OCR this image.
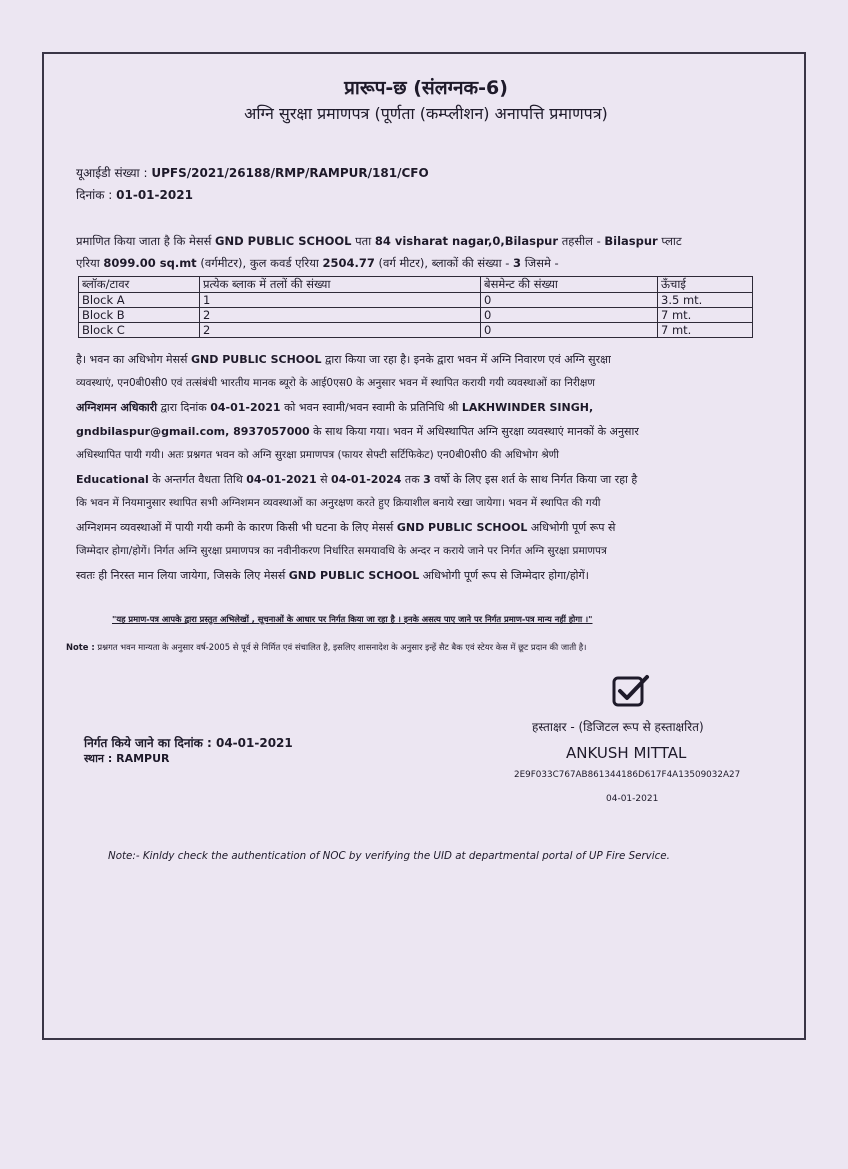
प्रारूप-छ (संलग्नक-6)
अग्नि सुरक्षा प्रमाणपत्र (पूर्णता (कम्प्लीशन) अनापत्ति प्रमाणपत्र)
यूआईडी संख्या : UPFS/2021/26188/RMP/RAMPUR/181/CFO
दिनांक : 01-01-2021
प्रमाणित किया जाता है कि मेसर्स GND PUBLIC SCHOOL पता 84 visharat nagar,0,Bilaspur तहसील - Bilaspur प्लाट
एरिया 8099.00 sq.mt (वर्गमीटर), कुल कवर्ड एरिया 2504.77 (वर्ग मीटर), ब्लाकों की संख्या - 3 जिसमे -
ब्लॉक/टावर	प्रत्येक ब्लाक में तलों की संख्या	बेसमेन्ट की संख्या	ऊँचाई
Block A	1	0	3.5 mt.
Block B	2	0	7 mt.
Block C	2	0	7 mt.
है। भवन का अधिभोग मेसर्स GND PUBLIC SCHOOL द्वारा किया जा रहा है। इनके द्वारा भवन में अग्नि निवारण एवं अग्नि सुरक्षा
व्यवस्थाएं, एन0बी0सी0 एवं तत्संबंधी भारतीय मानक ब्यूरो के आई0एस0 के अनुसार भवन में स्थापित करायी गयी व्यवस्थाओं का निरीक्षण
अग्निशमन अधिकारी द्वारा दिनांक 04-01-2021 को भवन स्वामी/भवन स्वामी के प्रतिनिधि श्री LAKHWINDER SINGH,
gndbilaspur@gmail.com, 8937057000 के साथ किया गया। भवन में अधिस्थापित अग्नि सुरक्षा व्यवस्थाएं मानकों के अनुसार
अधिस्थापित पायी गयी। अतः प्रश्नगत भवन को अग्नि सुरक्षा प्रमाणपत्र (फायर सेफ्टी सर्टिफिकेट) एन0बी0सी0 की अधिभोग श्रेणी
Educational के अन्तर्गत वैधता तिथि 04-01-2021 से 04-01-2024 तक 3 वर्षो के लिए इस शर्त के साथ निर्गत किया जा रहा है
कि भवन में नियमानुसार स्थापित सभी अग्निशमन व्यवस्थाओं का अनुरक्षण करते हुए क्रियाशील बनाये रखा जायेगा। भवन में स्थापित की गयी
अग्निशमन व्यवस्थाओं में पायी गयी कमी के कारण किसी भी घटना के लिए मेसर्स GND PUBLIC SCHOOL अधिभोगी पूर्ण रूप से
जिम्मेदार होगा/होगें। निर्गत अग्नि सुरक्षा प्रमाणपत्र का नवीनीकरण निर्धारित समयावधि के अन्दर न कराये जाने पर निर्गत अग्नि सुरक्षा प्रमाणपत्र
स्वतः ही निरस्त मान लिया जायेगा, जिसके लिए मेसर्स GND PUBLIC SCHOOL अधिभोगी पूर्ण रूप से जिम्मेदार होगा/होगें।
"यह प्रमाण-पत्र आपके द्वारा प्रस्तुत अभिलेखों , सूचनाओं के आधार पर निर्गत किया जा रहा है । इनके असत्य पाए जाने पर निर्गत प्रमाण-पत्र मान्य नहीं होगा ।"
Note : प्रश्नगत भवन मान्यता के अनुसार वर्ष-2005 से पूर्व से निर्मित एवं संचालित है, इसलिए शासनादेश के अनुसार इन्हें सैट बैक एवं स्टेयर केस में छूट प्रदान की जाती है।
निर्गत किये जाने का दिनांक : 04-01-2021
स्थान : RAMPUR
हस्ताक्षर - (डिजिटल रूप से हस्ताक्षरित)
ANKUSH MITTAL
2E9F033C767AB861344186D617F4A13509032A27
04-01-2021
Note:- Kinldy check the authentication of NOC by verifying the UID at departmental portal of UP Fire Service.
